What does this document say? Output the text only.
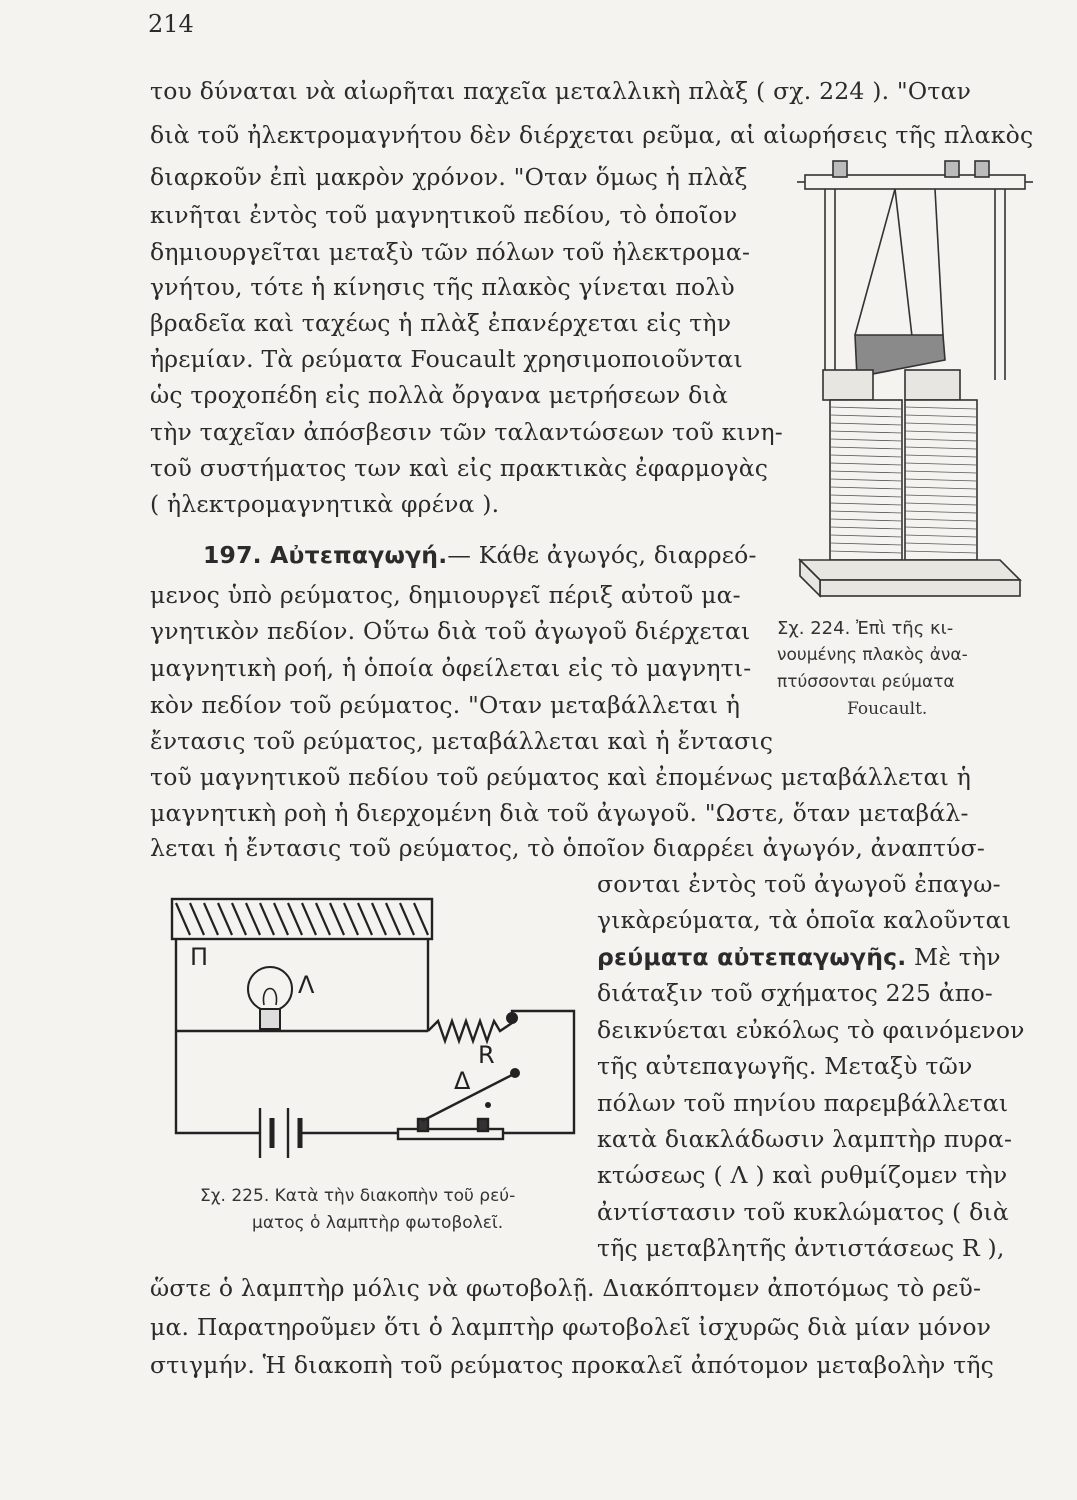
214
του δύναται νὰ αἰωρῆται παχεῖα μεταλλικὴ πλὰξ ( σχ. 224 ). "Οταν
διὰ τοῦ ἠλεκτρομαγνήτου δὲν διέρχεται ρεῦμα, αἱ αἰωρήσεις τῆς πλακὸς
διαρκοῦν ἐπὶ μακρὸν χρόνον. "Οταν ὅμως ἡ πλὰξ
κινῆται ἐντὸς τοῦ μαγνητικοῦ πεδίου, τὸ ὁποῖον
δημιουργεῖται μεταξὺ τῶν πόλων τοῦ ἠλεκτρομα-
γνήτου, τότε ἡ κίνησις τῆς πλακὸς γίνεται πολὺ
βραδεῖα καὶ ταχέως ἡ πλὰξ ἐπανέρχεται εἰς τὴν
ἠρεμίαν. Τὰ ρεύματα Foucault χρησιμοποιοῦνται
ὡς τροχοπέδη εἰς πολλὰ ὄργανα μετρήσεων διὰ
τὴν ταχεῖαν ἀπόσβεσιν τῶν ταλαντώσεων τοῦ κινη-
τοῦ συστήματος των καὶ εἰς πρακτικὰς ἐφαρμογὰς
( ἠλεκτρομαγνητικὰ φρένα ).
197. Αὐτεπαγωγή.— Κάθε ἀγωγός, διαρρεό-
μενος ὑπὸ ρεύματος, δημιουργεῖ πέριξ αὐτοῦ μα-
γνητικὸν πεδίον. Οὕτω διὰ τοῦ ἀγωγοῦ διέρχεται
μαγνητικὴ ροή, ἡ ὁποία ὀφείλεται εἰς τὸ μαγνητι-
κὸν πεδίον τοῦ ρεύματος. "Οταν μεταβάλλεται ἡ
ἔντασις τοῦ ρεύματος, μεταβάλλεται καὶ ἡ ἔντασις
τοῦ μαγνητικοῦ πεδίου τοῦ ρεύματος καὶ ἐπομένως μεταβάλλεται ἡ
μαγνητικὴ ροὴ ἡ διερχομένη διὰ τοῦ ἀγωγοῦ. "Ωστε, ὅταν μεταβάλ-
λεται ἡ ἔντασις τοῦ ρεύματος, τὸ ὁποῖον διαρρέει ἀγωγόν, ἀναπτύσ-
σονται ἐντὸς τοῦ ἀγωγοῦ ἐπαγω-
γικὰρεύματα, τὰ ὁποῖα καλοῦνται
ρεύματα αὐτεπαγωγῆς. Μὲ τὴν
διάταξιν τοῦ σχήματος 225 ἀπο-
δεικνύεται εὐκόλως τὸ φαινόμενον
τῆς αὐτεπαγωγῆς. Μεταξὺ τῶν
πόλων τοῦ πηνίου παρεμβάλλεται
κατὰ διακλάδωσιν λαμπτὴρ πυρα-
κτώσεως ( Λ ) καὶ ρυθμίζομεν τὴν
ἀντίστασιν τοῦ κυκλώματος ( διὰ
τῆς μεταβλητῆς ἀντιστάσεως R ),
ὥστε ὁ λαμπτὴρ μόλις νὰ φωτοβολῇ. Διακόπτομεν ἀποτόμως τὸ ρεῦ-
μα. Παρατηροῦμεν ὅτι ὁ λαμπτὴρ φωτοβολεῖ ἰσχυρῶς διὰ μίαν μόνον
στιγμήν. Ἡ διακοπὴ τοῦ ρεύματος προκαλεῖ ἀπότομον μεταβολὴν τῆς
Σχ. 224. Ἐπὶ τῆς κι-
νουμένης πλακὸς ἀνα-
πτύσσονται ρεύματα
Foucault.
Π
Λ
R
Δ
Σχ. 225. Κατὰ τὴν διακοπὴν τοῦ ρεύ-
ματος ὁ λαμπτὴρ φωτοβολεῖ.
